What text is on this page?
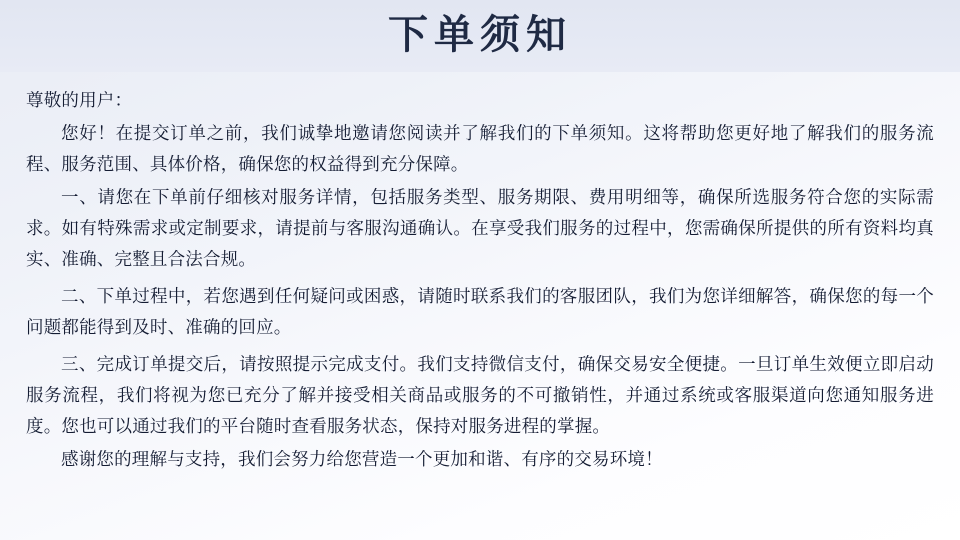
下单须知

尊敬的用户：

您好！在提交订单之前，我们诚挚地邀请您阅读并了解我们的下单须知。这将帮助您更好地了解我们的服务流程、服务范围、具体价格，确保您的权益得到充分保障。

一、请您在下单前仔细核对服务详情，包括服务类型、服务期限、费用明细等，确保所选服务符合您的实际需求。如有特殊需求或定制要求，请提前与客服沟通确认。在享受我们服务的过程中，您需确保所提供的所有资料均真实、准确、完整且合法合规。

二、下单过程中，若您遇到任何疑问或困惑，请随时联系我们的客服团队，我们为您详细解答，确保您的每一个问题都能得到及时、准确的回应。

三、完成订单提交后，请按照提示完成支付。我们支持微信支付，确保交易安全便捷。一旦订单生效便立即启动服务流程，我们将视为您已充分了解并接受相关商品或服务的不可撤销性，并通过系统或客服渠道向您通知服务进度。您也可以通过我们的平台随时查看服务状态，保持对服务进程的掌握。

感谢您的理解与支持，我们会努力给您营造一个更加和谐、有序的交易环境！
